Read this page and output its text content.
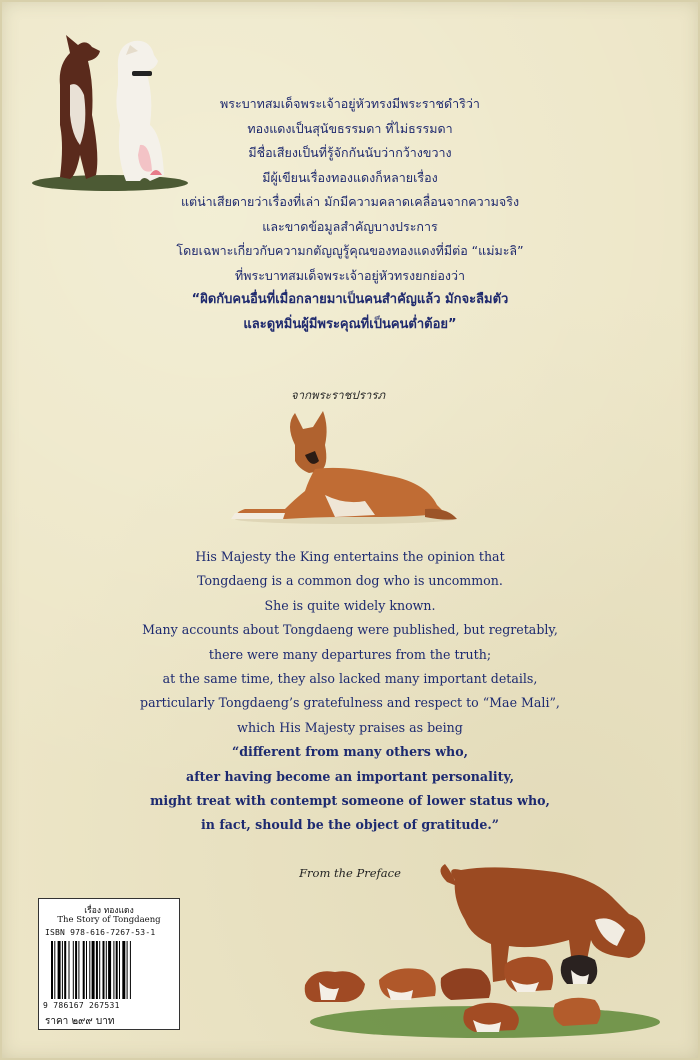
พระบาทสมเด็จพระเจ้าอยู่หัวทรงมีพระราชดำริว่า
ทองแดงเป็นสุนัขธรรมดา ที่ไม่ธรรมดา
มีชื่อเสียงเป็นที่รู้จักกันนับว่ากว้างขวาง
มีผู้เขียนเรื่องทองแดงก็หลายเรื่อง
แต่น่าเสียดายว่าเรื่องที่เล่า มักมีความคลาดเคลื่อนจากความจริง
และขาดข้อมูลสำคัญบางประการ
โดยเฉพาะเกี่ยวกับความกตัญญูรู้คุณของทองแดงที่มีต่อ “แม่มะลิ”
ที่พระบาทสมเด็จพระเจ้าอยู่หัวทรงยกย่องว่า
“ผิดกับคนอื่นที่เมื่อกลายมาเป็นคนสำคัญแล้ว มักจะลืมตัว
และดูหมิ่นผู้มีพระคุณที่เป็นคนต่ำต้อย”
จากพระราชปรารภ
His Majesty the King entertains the opinion that
Tongdaeng is a common dog who is uncommon.
She is quite widely known.
Many accounts about Tongdaeng were published, but regretably,
there were many departures from the truth;
at the same time, they also lacked many important details,
particularly Tongdaeng’s gratefulness and respect to “Mae Mali”,
which His Majesty praises as being
“different from many others who,
after having become an important personality,
might treat with contempt someone of lower status who,
in fact, should be the object of gratitude.”
From the Preface
เรื่อง ทองแดง
The Story of Tongdaeng
ISBN 978-616-7267-53-1
9 786167 267531
ราคา ๒๙๙ บาท
